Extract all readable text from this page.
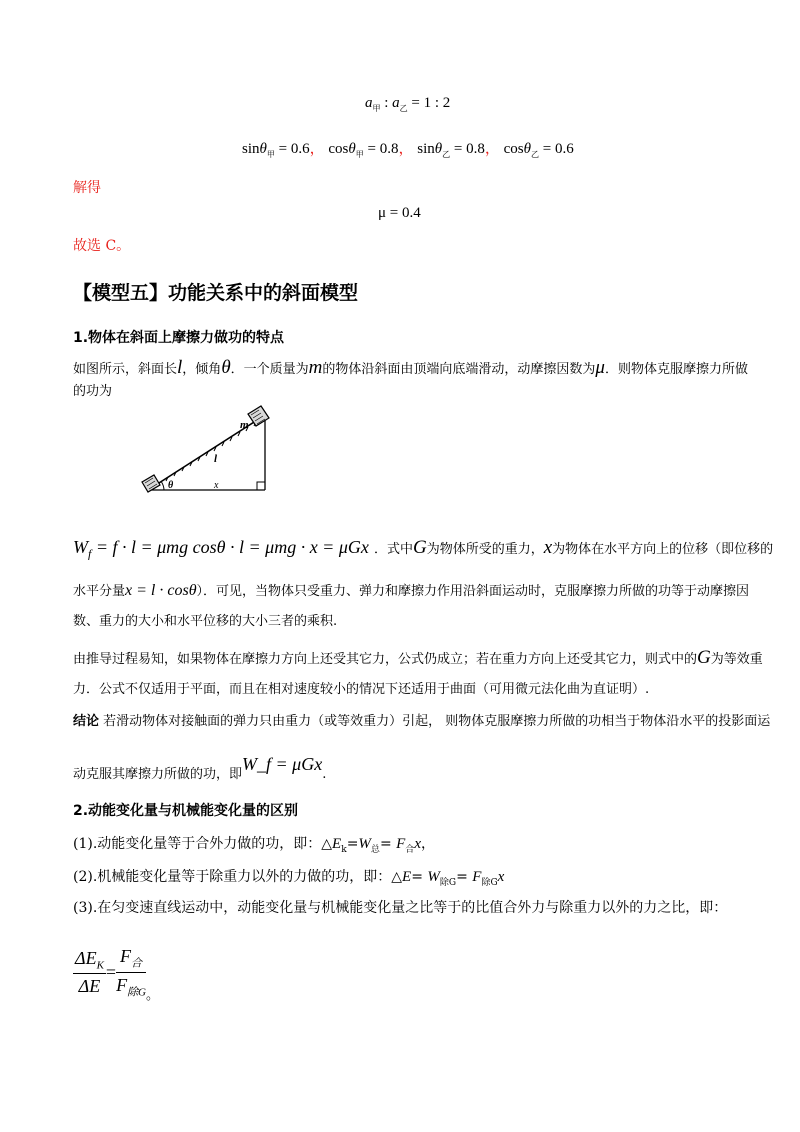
$a_甲$ : $a_乙 = 1$ : 2
sinθ$_甲$ = 0.6， cosθ$_甲$ = 0.8， sinθ$_乙$ = 0.8， cosθ$_乙$ = 0.6
解得
μ = 0.4
故选 C。
【模型五】功能关系中的斜面模型
1.物体在斜面上摩擦力做功的特点
如图所示，斜面长l，倾角θ．一个质量为m的物体沿斜面由顶端向底端滑动，动摩擦因数为μ．则物体克服摩擦力所做
的功为
m
l
θ	x
$W_f = f \cdot l = \mu mg$ cosθ · l = μmg · x = μGx ．式中G为物体所受的重力，x为物体在水平方向上的位移（即位移的
水平分量x = l · cosθ）．可见，当物体只受重力、弹力和摩擦力作用沿斜面运动时，克服摩擦力所做的功等于动摩擦因
数、重力的大小和水平位移的大小三者的乘积.
由推导过程易知，如果物体在摩擦力方向上还受其它力，公式仍成立；若在重力方向上还受其它力，则式中的G为等效重
力．公式不仅适用于平面，而且在相对速度较小的情况下还适用于曲面（可用微元法化曲为直证明）.
结论 若滑动物体对接触面的弹力只由重力（或等效重力）引起， 则物体克服摩擦力所做的功相当于物体沿水平的投影面运
动克服其摩擦力所做的功，即W_f = μGx.
2.动能变化量与机械能变化量的区别
(1).动能变化量等于合外力做的功，即：$\triangle E_k=W_总= F_合x$，
(2).机械能变化量等于除重力以外的力做的功，即：△E= $W_{除G}= F_{除G}x$
(3).在匀变速直线运动中，动能变化量与机械能变化量之比等于的比值合外力与除重力以外的力之比，即：
$\frac{\Delta E_K}{\Delta E} = \frac{F_合}{F_{除G}} _。$
